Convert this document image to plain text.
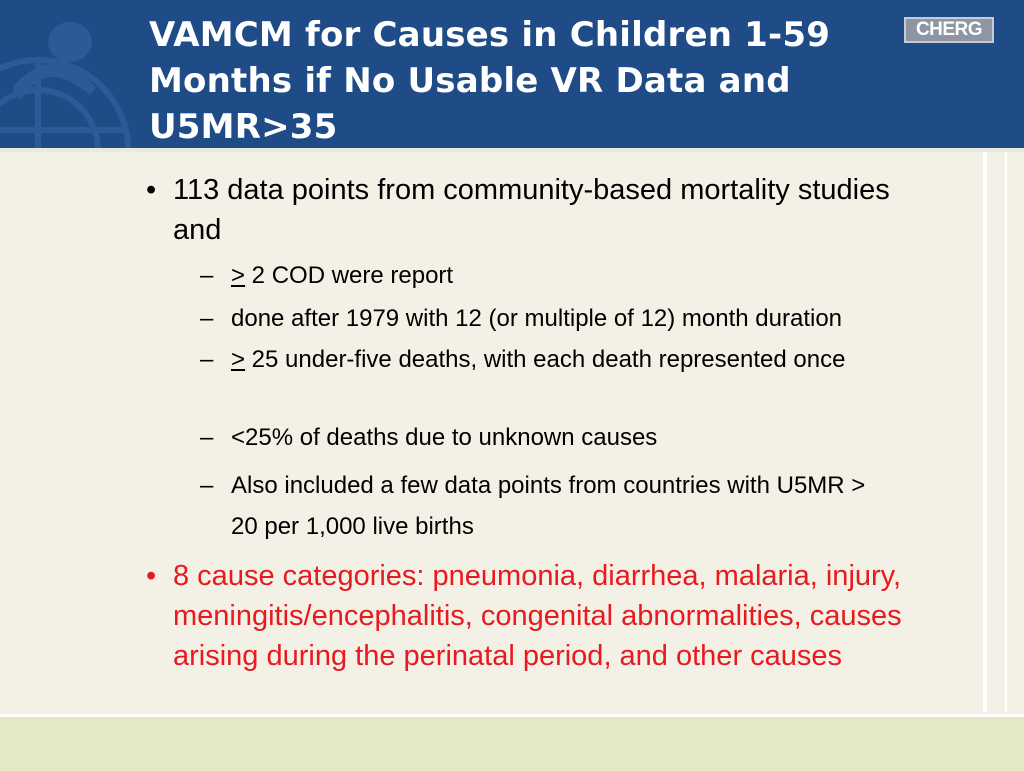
VAMCM for Causes in Children 1-59 Months if No Usable VR Data and U5MR>35
CHERG
• 113 data points from community-based mortality studies and
– ≥ 2 COD were report
– done after 1979 with 12 (or multiple of 12) month duration
– ≥ 25 under-five deaths, with each death represented once
– <25% of deaths due to unknown causes
– Also included a few data points from countries with U5MR > 20 per 1,000 live births
• 8 cause categories: pneumonia, diarrhea, malaria, injury, meningitis/encephalitis, congenital abnormalities, causes arising during the perinatal period, and other causes
